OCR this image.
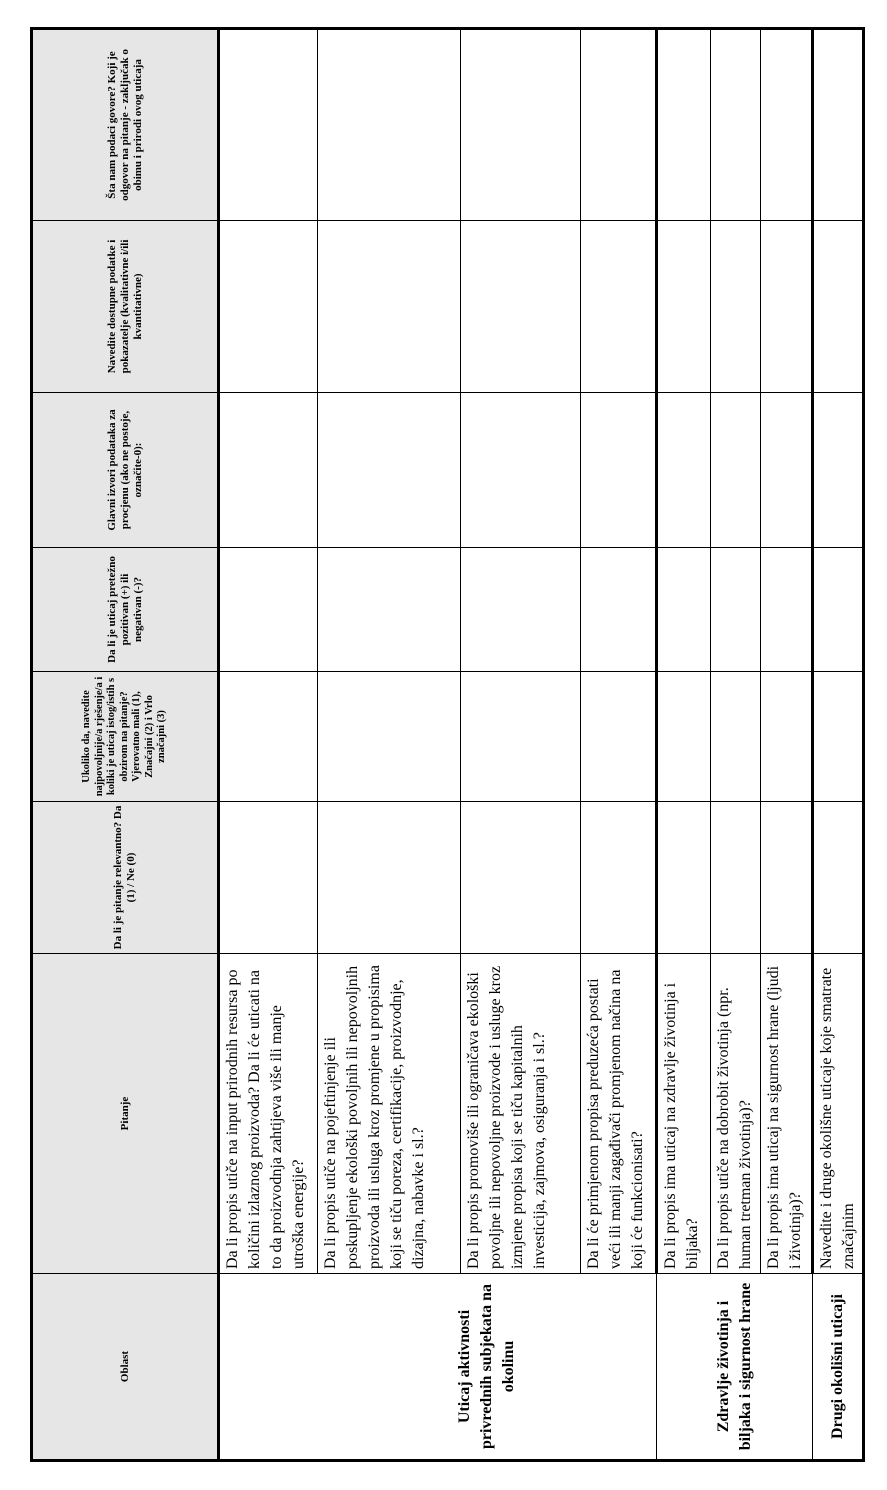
Oblast	Pitanje	Da li je pitanje relevantno? Da (1) / Ne (0)	Ukoliko da, navedite najpovoljnije/a rješenje/a i koliki je uticaj istog/istih s obzirom na pitanje? Vjerovatno mali (1), Značajni (2) i Vrlo značajni (3)	Da li je uticaj pretežno pozitivan (+) ili negativan (-)?	Glavni izvori podataka za procjenu (ako ne postoje, označite-0):	Navedite dostupne podatke i pokazatelje (kvalitativne i/ili kvantitativne)	Šta nam podaci govore? Koji je odgovor na pitanje - zaključak o obimu i prirodi ovog uticaja
	Da li propis utiče na input prirodnih resursa po količini izlaznog proizvoda? Da li će uticati na to da proizvodnja zahtijeva više ili manje utroška energije?						
Uticaj aktivnosti privrednih subjekata na okolinu	Da li propis utiče na pojeftinjenje ili poskupljenje ekološki povoljnih ili nepovoljnih proizvoda ili usluga kroz promjene u propisima koji se tiču poreza, certifikacije, proizvodnje, dizajna, nabavke i sl.?						
	Da li propis promoviše ili ograničava ekološki povoljne ili nepovoljne proizvode i usluge kroz izmjene propisa koji se tiču kapitalnih investicija, zajmova, osiguranja i sl.?						
	Da li će primjenom propisa preduzeća postati veći ili manji zagađivači promjenom načina na koji će funkcionisati?						
Zdravlje životinja i biljaka i sigurnost hrane	Da li propis ima uticaj na zdravlje životinja i biljaka?						
	Da li propis utiče na dobrobit životinja (npr. human tretman životinja)?						
	Da li propis ima uticaj na sigurnost hrane (ljudi i životinja)?						
Drugi okolišni uticaji	Navedite i druge okolišne uticaje koje smatrate značajnim						
